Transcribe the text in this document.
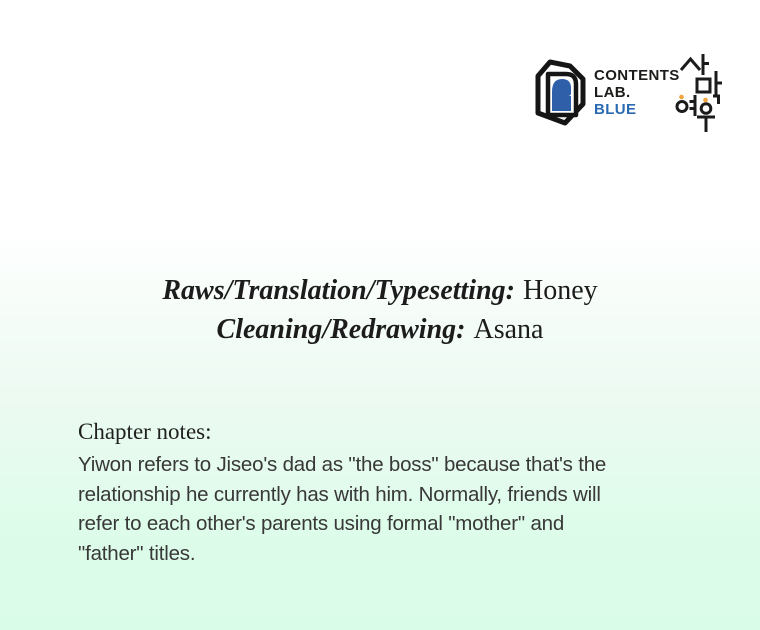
CONTENTS
LAB.
BLUE
Raws/Translation/Typesetting: Honey
Cleaning/Redrawing: Asana
Chapter notes:
Yiwon refers to Jiseo's dad as "the boss" because that's the
relationship he currently has with him. Normally, friends will
refer to each other's parents using formal "mother" and
"father" titles.
